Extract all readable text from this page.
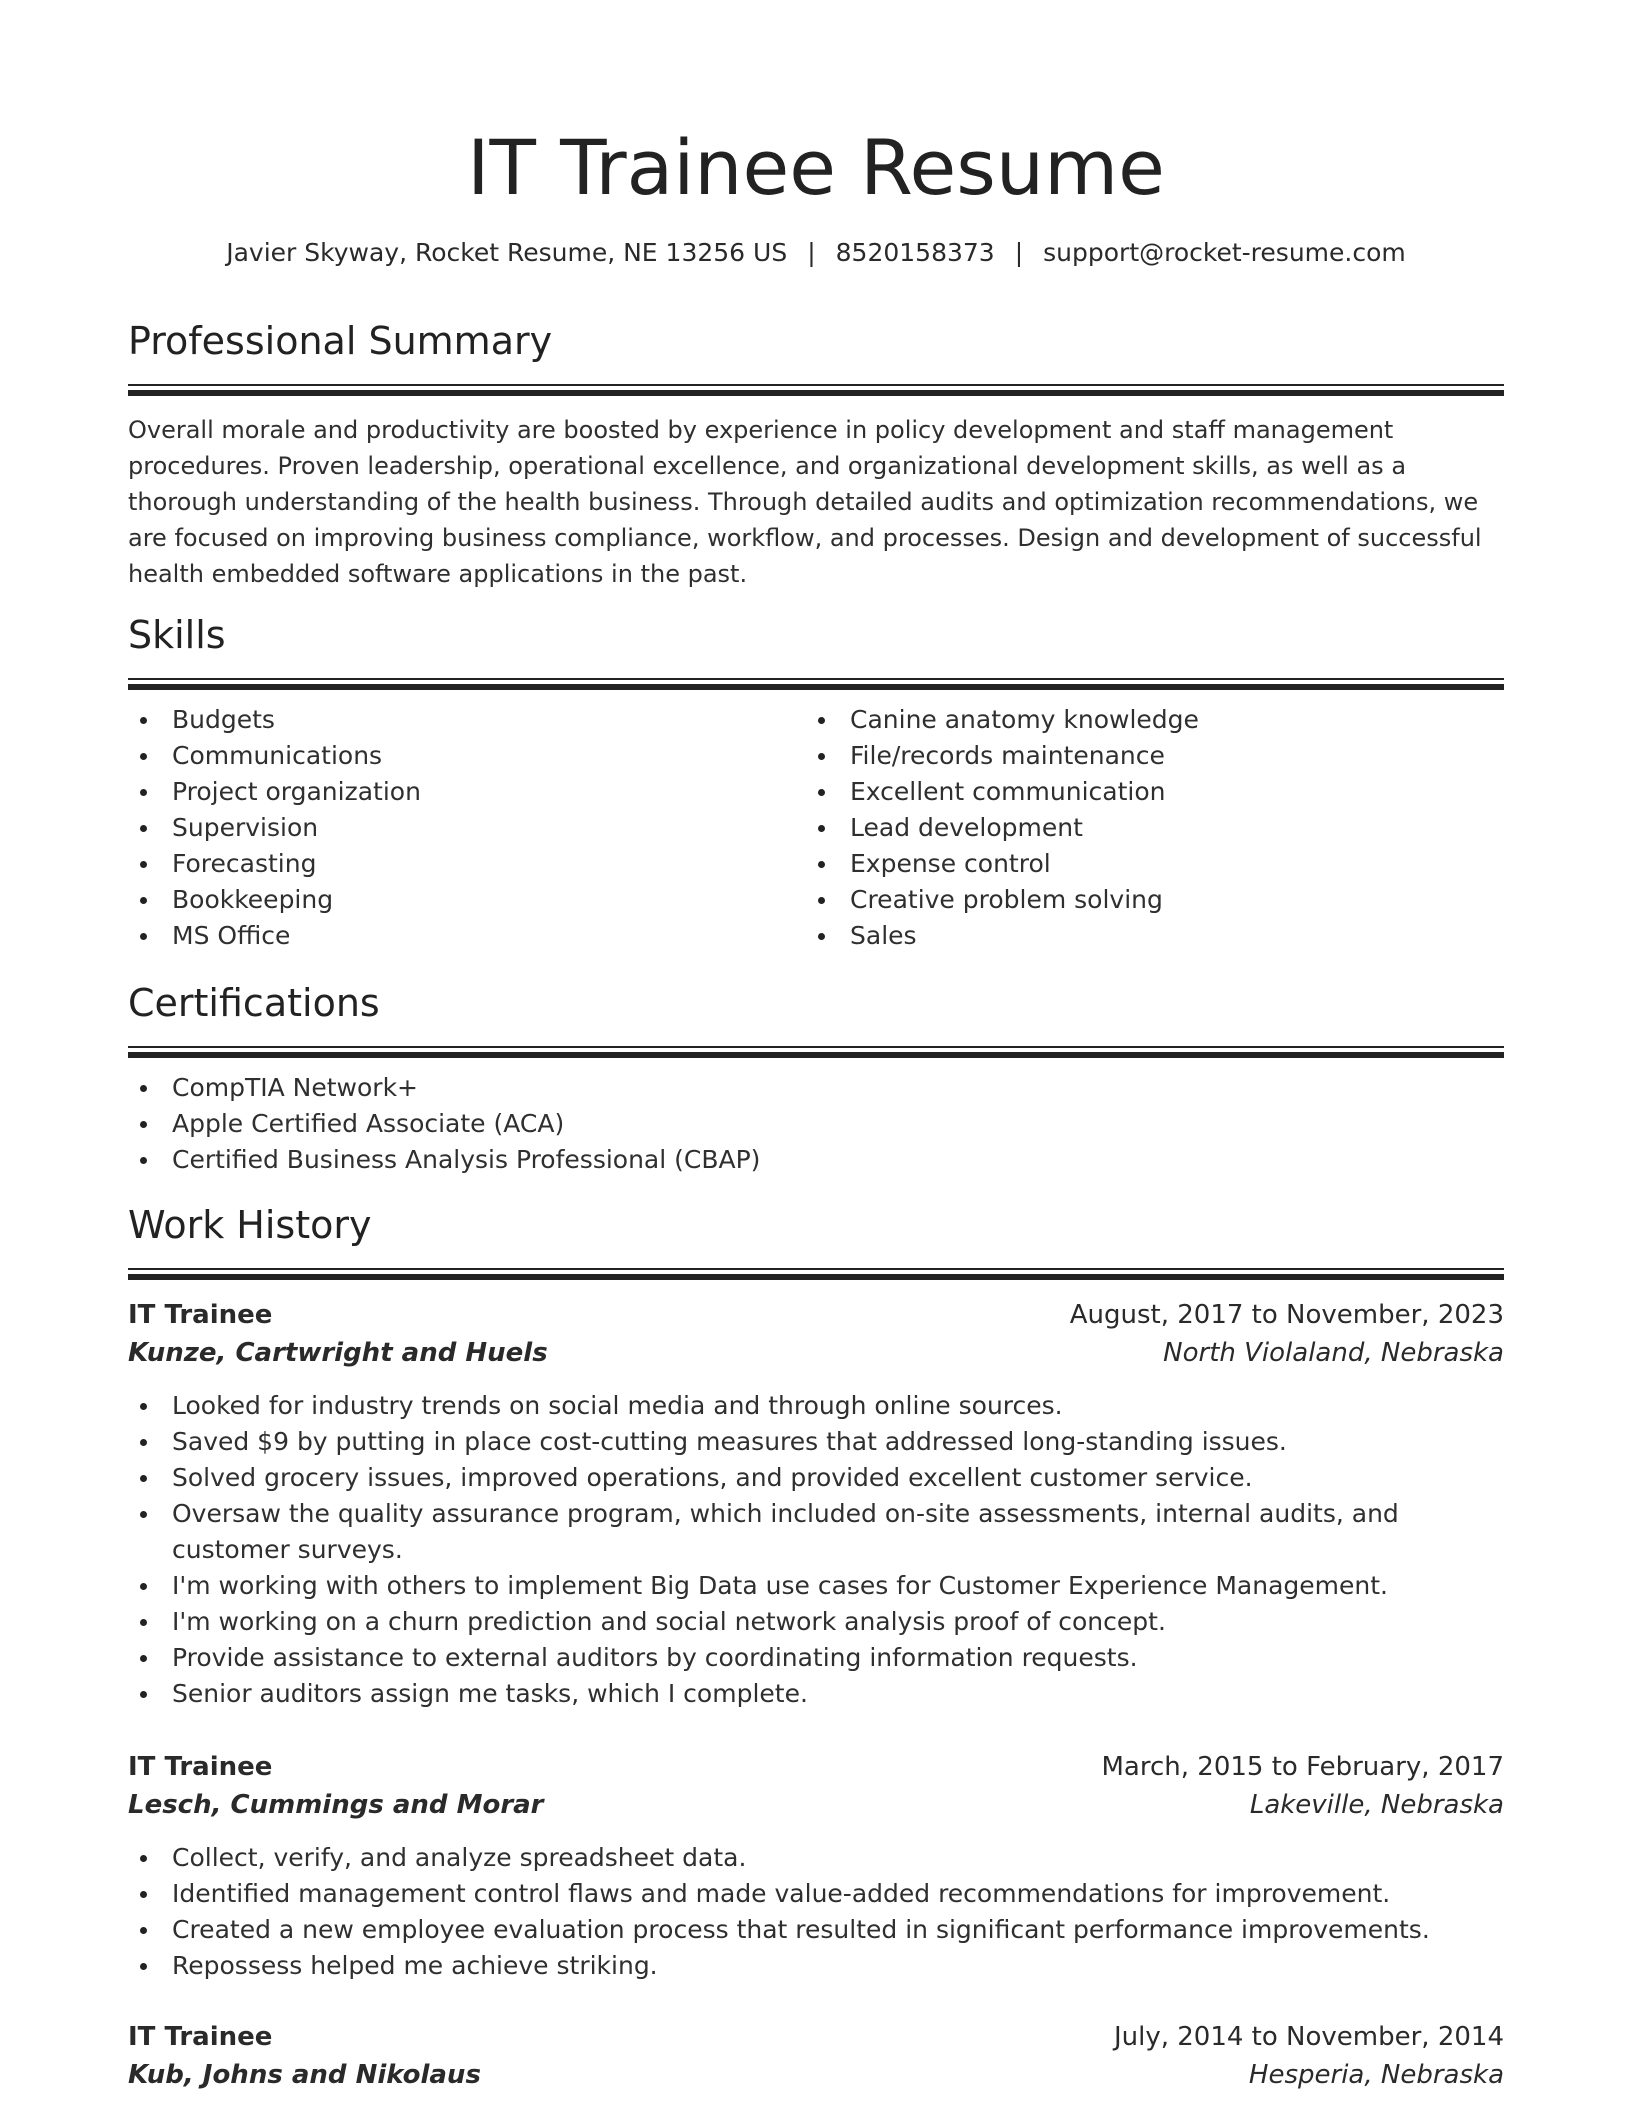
IT Trainee Resume
Javier Skyway, Rocket Resume, NE 13256 US | 8520158373 | support@rocket-resume.com
Professional Summary
Overall morale and productivity are boosted by experience in policy development and staff management procedures. Proven leadership, operational excellence, and organizational development skills, as well as a thorough understanding of the health business. Through detailed audits and optimization recommendations, we are focused on improving business compliance, workflow, and processes. Design and development of successful health embedded software applications in the past.
Skills
Budgets
Communications
Project organization
Supervision
Forecasting
Bookkeeping
MS Office
Canine anatomy knowledge
File/records maintenance
Excellent communication
Lead development
Expense control
Creative problem solving
Sales
Certifications
CompTIA Network+
Apple Certified Associate (ACA)
Certified Business Analysis Professional (CBAP)
Work History
IT Trainee	August, 2017 to November, 2023
Kunze, Cartwright and Huels	North Violaland, Nebraska
Looked for industry trends on social media and through online sources.
Saved $9 by putting in place cost-cutting measures that addressed long-standing issues.
Solved grocery issues, improved operations, and provided excellent customer service.
Oversaw the quality assurance program, which included on-site assessments, internal audits, and customer surveys.
I'm working with others to implement Big Data use cases for Customer Experience Management.
I'm working on a churn prediction and social network analysis proof of concept.
Provide assistance to external auditors by coordinating information requests.
Senior auditors assign me tasks, which I complete.
IT Trainee	March, 2015 to February, 2017
Lesch, Cummings and Morar	Lakeville, Nebraska
Collect, verify, and analyze spreadsheet data.
Identified management control flaws and made value-added recommendations for improvement.
Created a new employee evaluation process that resulted in significant performance improvements.
Repossess helped me achieve striking.
IT Trainee	July, 2014 to November, 2014
Kub, Johns and Nikolaus	Hesperia, Nebraska
